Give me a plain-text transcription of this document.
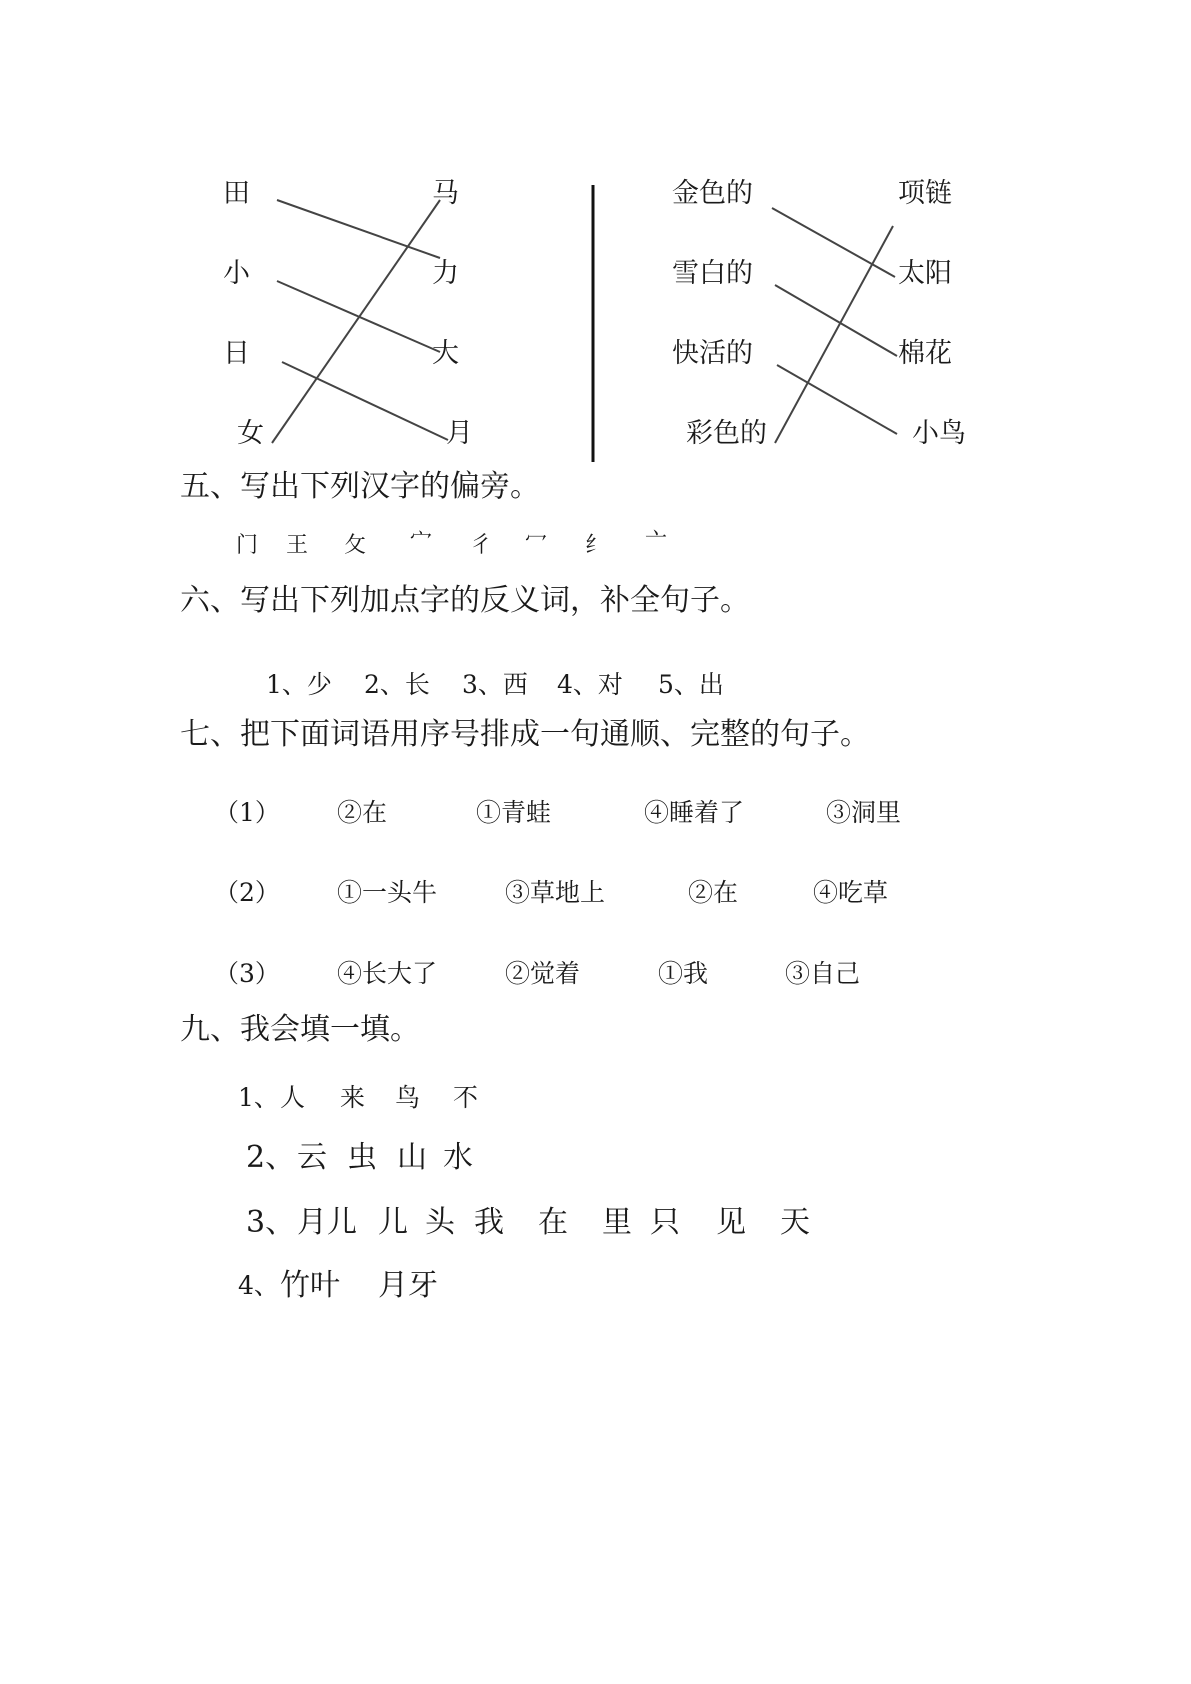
田
小
日
女
马
力
大
月
金色的
雪白的
快活的
彩色的
项链
太阳
棉花
小鸟
五、写出下列汉字的偏旁。
门 王 攵 宀 彳 冖 纟 亠
六、写出下列加点字的反义词，补全句子。
1、少 2、长 3、西 4、对 5、出
七、把下面词语用序号排成一句通顺、完整的句子。
（1） ②在	①青蛙	④睡着了	③洞里
（2） ①一头牛	③草地上	②在	④吃草
（3） ④长大了	②觉着	①我	③自己
九、我会填一填。
1、 人 来 鸟 不
2、 云 虫 山 水
3、 月儿 儿 头 我 在 里 只 见 天
4、 竹叶 月牙
